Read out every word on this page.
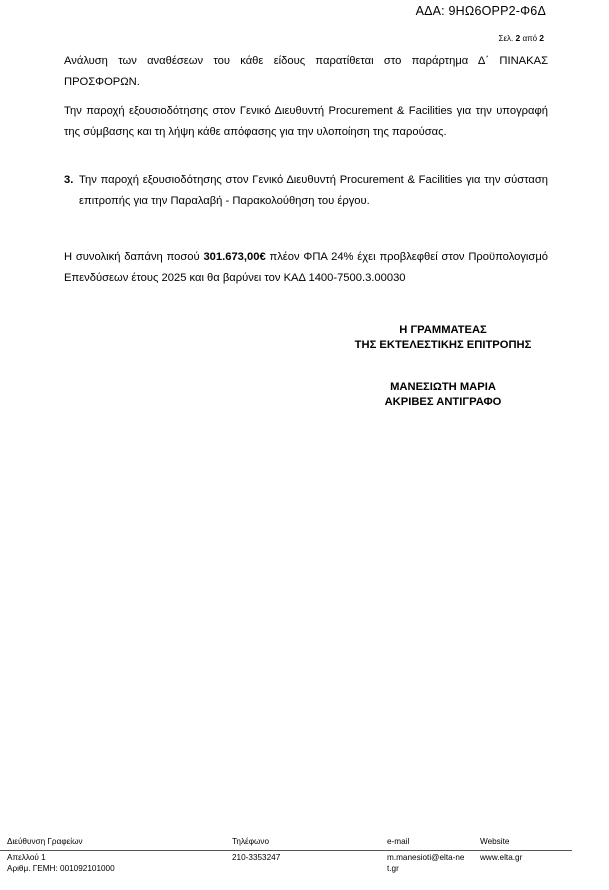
ΑΔΑ: 9ΗΩ6ΟΡΡ2-Φ6Δ
Σελ. 2 από 2
Ανάλυση των αναθέσεων του κάθε είδους παρατίθεται στο παράρτημα Δ΄ ΠΙΝΑΚΑΣ ΠΡΟΣΦΟΡΩΝ.
Την παροχή εξουσιοδότησης στον Γενικό Διευθυντή Procurement & Facilities για την υπογραφή της σύμβασης και τη λήψη κάθε απόφασης για την υλοποίηση της παρούσας.
3. Την παροχή εξουσιοδότησης στον Γενικό Διευθυντή Procurement & Facilities για την σύσταση επιτροπής για την Παραλαβή - Παρακολούθηση του έργου.
Η συνολική δαπάνη ποσού 301.673,00€ πλέον ΦΠΑ 24% έχει προβλεφθεί στον Προϋπολογισμό Επενδύσεων έτους 2025 και θα βαρύνει τον ΚΑΔ 1400-7500.3.00030
Η ΓΡΑΜΜΑΤΕΑΣ
ΤΗΣ ΕΚΤΕΛΕΣΤΙΚΗΣ ΕΠΙΤΡΟΠΗΣ
ΜΑΝΕΣΙΩΤΗ ΜΑΡΙΑ
ΑΚΡΙΒΕΣ ΑΝΤΙΓΡΑΦΟ
Διεύθυνση Γραφείων
Απελλού 1
Αριθμ. ΓΕΜΗ: 001092101000
Τηλέφωνο
210-3353247
e-mail
m.manesioti@elta-net.gr
Website
www.elta.gr
